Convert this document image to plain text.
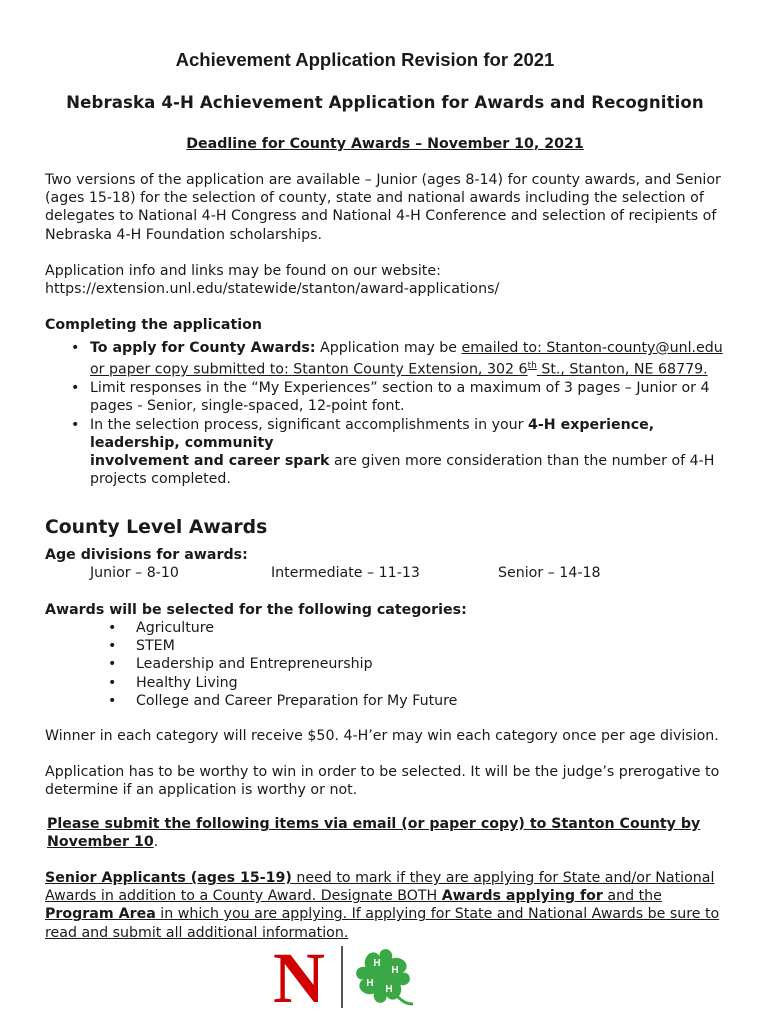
Achievement Application Revision for 2021
Nebraska 4-H Achievement Application for Awards and Recognition
Deadline for County Awards – November 10, 2021
Two versions of the application are available – Junior (ages 8-14) for county awards, and Senior (ages 15-18) for the selection of county, state and national awards including the selection of delegates to National 4-H Congress and National 4-H Conference and selection of recipients of Nebraska 4-H Foundation scholarships.
Application info and links may be found on our website:
https://extension.unl.edu/statewide/stanton/award-applications/
Completing the application
• To apply for County Awards: Application may be emailed to: Stanton-county@unl.edu or paper copy submitted to: Stanton County Extension, 302 6th St., Stanton, NE 68779.
• Limit responses in the “My Experiences” section to a maximum of 3 pages – Junior or 4 pages - Senior, single-spaced, 12-point font.
• In the selection process, significant accomplishments in your 4-H experience, leadership, community
involvement and career spark are given more consideration than the number of 4-H projects completed.
County Level Awards
Age divisions for awards:
Junior – 8-10	Intermediate – 11-13	Senior – 14-18
Awards will be selected for the following categories:
• Agriculture
• STEM
• Leadership and Entrepreneurship
• Healthy Living
• College and Career Preparation for My Future
Winner in each category will receive $50. 4-H’er may win each category once per age division.
Application has to be worthy to win in order to be selected. It will be the judge’s prerogative to determine if an application is worthy or not.
Please submit the following items via email (or paper copy) to Stanton County by November 10.
Senior Applicants (ages 15-19) need to mark if they are applying for State and/or National Awards in addition to a County Award. Designate BOTH Awards applying for and the Program Area in which you are applying. If applying for State and National Awards be sure to read and submit all additional information.
N	H
H
H
H
